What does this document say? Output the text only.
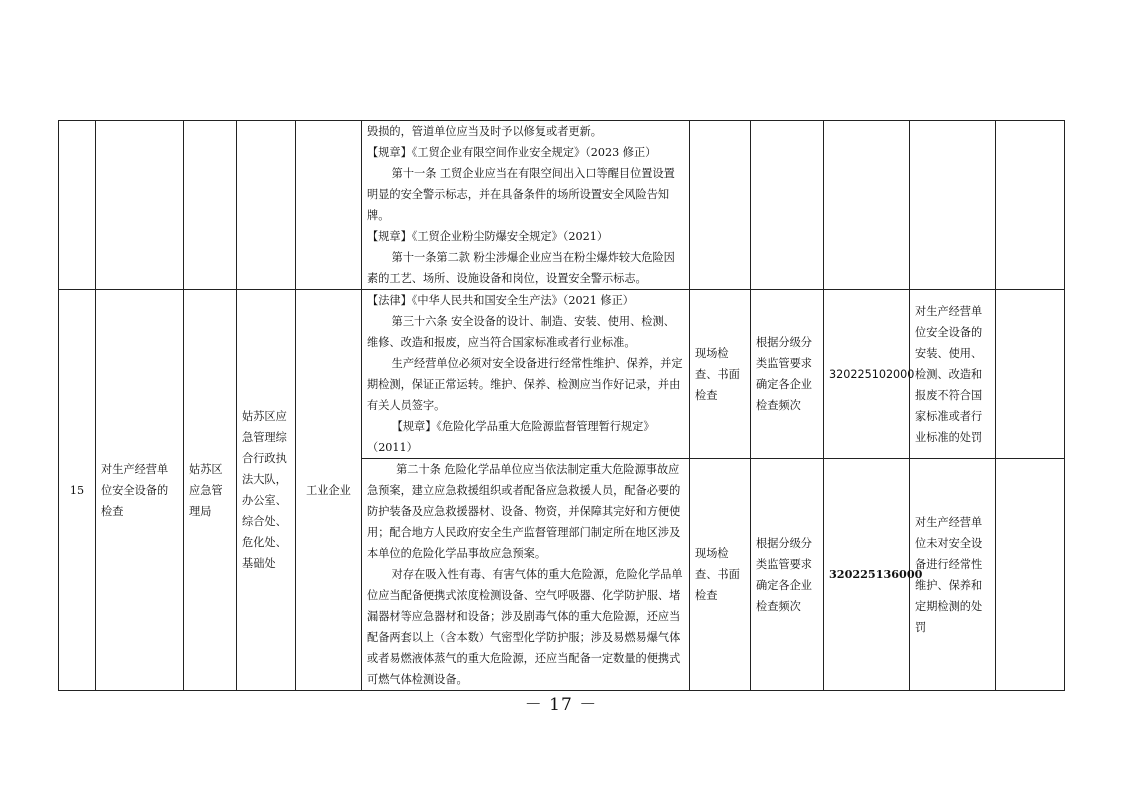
					毁损的，管道单位应当及时予以修复或者更新。

【规章】《工贸企业有限空间作业安全规定》（2023 修正）

第十一条 工贸企业应当在有限空间出入口等醒目位置设置明显的安全警示标志，并在具备条件的场所设置安全风险告知牌。

【规章】《工贸企业粉尘防爆安全规定》（2021）

第十一条第二款 粉尘涉爆企业应当在粉尘爆炸较大危险因素的工艺、场所、设施设备和岗位，设置安全警示标志。					

15	对生产经营单位安全设备的检查	姑苏区应急管理局	姑苏区应急管理综合行政执法大队，办公室、综合处、危化处、基础处	工业企业	【法律】《中华人民共和国安全生产法》（2021 修正）

第三十六条 安全设备的设计、制造、安装、使用、检测、维修、改造和报废，应当符合国家标准或者行业标准。

生产经营单位必须对安全设备进行经常性维护、保养，并定期检测，保证正常运转。维护、保养、检测应当作好记录，并由有关人员签字。

【规章】《危险化学品重大危险源监督管理暂行规定》（2011）	现场检查、书面检查	根据分级分类监管要求确定各企业检查频次	320225102000	对生产经营单位安全设备的安装、使用、检测、改造和报废不符合国家标准或者行业标准的处罚	

					第二十条 危险化学品单位应当依法制定重大危险源事故应急预案，建立应急救援组织或者配备应急救援人员，配备必要的防护装备及应急救援器材、设备、物资，并保障其完好和方便使用；配合地方人民政府安全生产监督管理部门制定所在地区涉及本单位的危险化学品事故应急预案。

对存在吸入性有毒、有害气体的重大危险源，危险化学品单位应当配备便携式浓度检测设备、空气呼吸器、化学防护服、堵漏器材等应急器材和设备；涉及剧毒气体的重大危险源，还应当配备两套以上（含本数）气密型化学防护服；涉及易燃易爆气体或者易燃液体蒸气的重大危险源，还应当配备一定数量的便携式可燃气体检测设备。	现场检查、书面检查	根据分级分类监管要求确定各企业检查频次	320225136000	对生产经营单位未对安全设备进行经常性维护、保养和定期检测的处罚	
－ 17 －
